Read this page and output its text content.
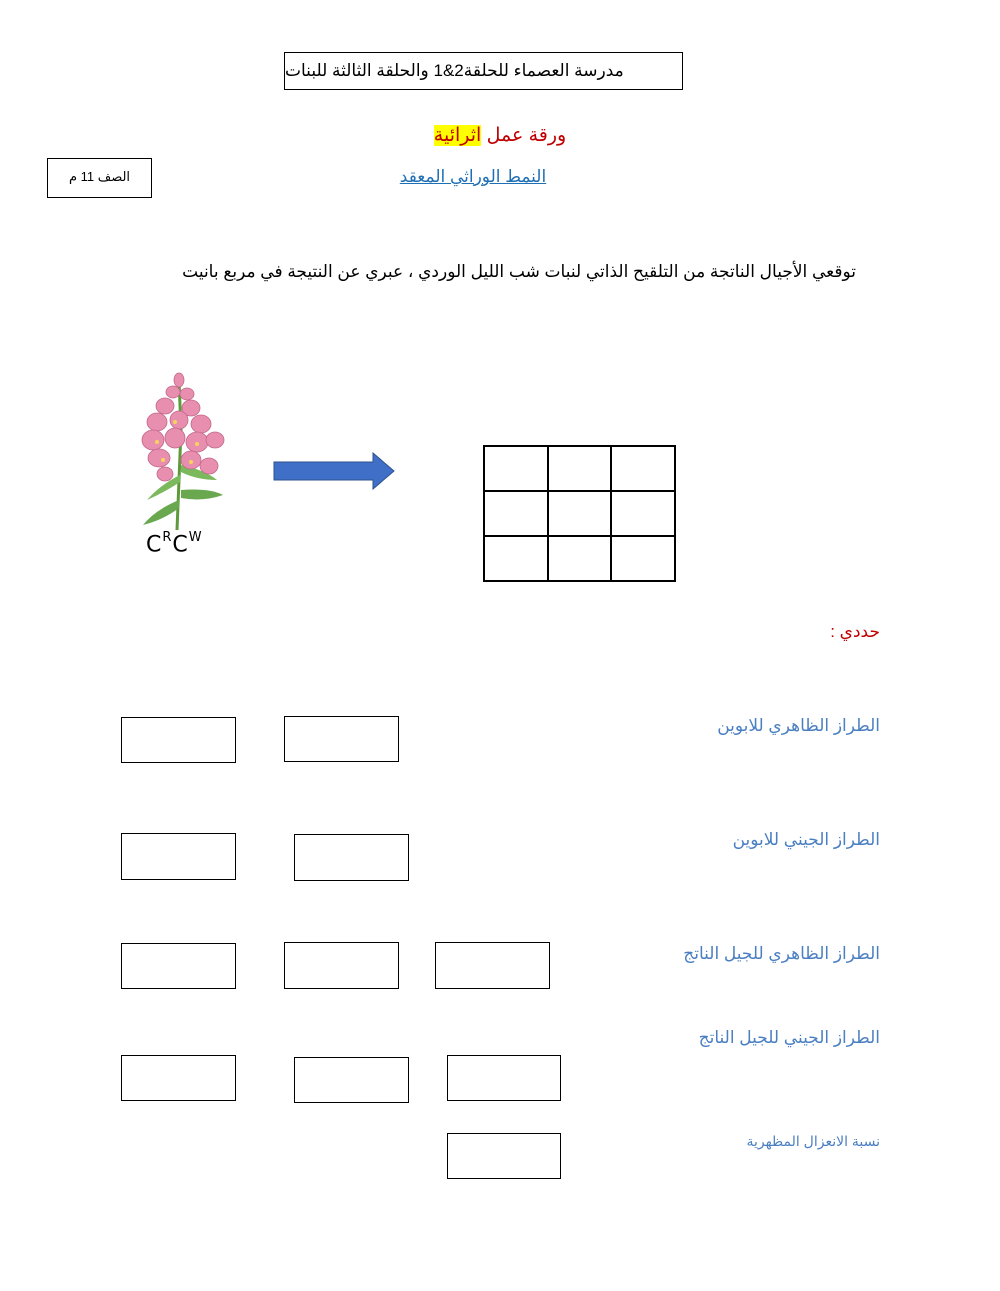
مدرسة العصماء للحلقة2&1 والحلقة الثالثة للبنات
ورقة عمل اثرائية
النمط الوراثي المعقد
الصف 11 م
توقعي الأجيال الناتجة من التلقيح الذاتي لنبات شب الليل الوردي ، عبري عن النتيجة في مربع بانيت
$C^RC^W$
حددي :
الطراز الظاهري للابوين
الطراز الجيني للابوين
الطراز الظاهري للجيل الناتج
الطراز الجيني للجيل الناتج
نسبة الانعزال المظهرية
